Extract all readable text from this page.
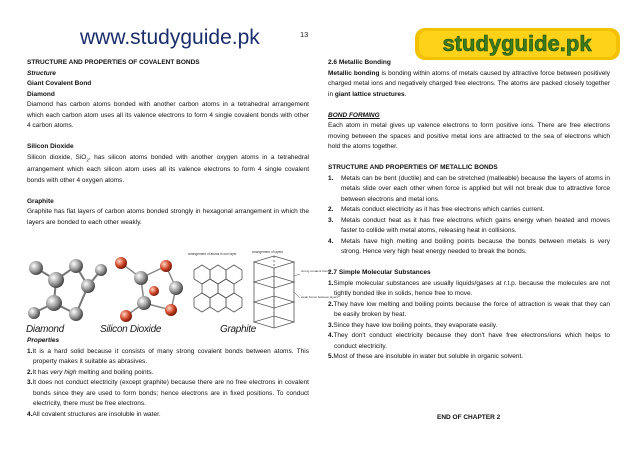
www.studyguide.pk	13	studyguide.pk

STRUCTURE AND PROPERTIES OF COVALENT BONDS

Structure

Giant Covalent Bond

Diamond

Diamond has carbon atoms bonded with another carbon atoms in a tetrahedral arrangement which each carbon atom uses all its valence electrons to form 4 single covalent bonds with other 4 carbon atoms.

Silicon Dioxide

Silicon dioxide, SiO$_2$, has silicon atoms bonded with another oxygen atoms in a tetrahedral arrangement which each silicon atom uses all its valence electrons to form 4 single covalent bonds with other 4 oxygen atoms.

Graphite

Graphite has flat layers of carbon atoms bonded strongly in hexagonal arrangement in which the layers are bonded to each other weakly.

arrangement of atoms in one layer	arrangement of layers
strong covalent bonds
weak forces between layers
Diamond	Silicon Dioxide	Graphite

Properties

1.It is a hard solid because it consists of many strong covalent bonds between atoms. This property makes it suitable as abrasives.

2.It has very high melting and boiling points.

3.It does not conduct electricity (except graphite) because there are no free electrons in covalent bonds since they are used to form bonds; hence electrons are in fixed positions. To conduct electricity, there must be free electrons.

4.All covalent structures are insoluble in water.

2.6 Metallic Bonding

Metallic bonding is bonding within atoms of metals caused by attractive force between positively charged metal ions and negatively charged free electrons. The atoms are packed closely together in giant lattice structures.

BOND FORMING

Each atom in metal gives up valence electrons to form positive ions. There are free electrons moving between the spaces and positive metal ions are attracted to the sea of electrons which hold the atoms together.

STRUCTURE AND PROPERTIES OF METALLIC BONDS

1.	Metals can be bent (ductile) and can be stretched (malleable) because the layers of atoms in metals slide over each other when force is applied but will not break due to attractive force between electrons and metal ions.
2.	Metals conduct electricity as it has free electrons which carries current.
3.	Metals conduct heat as it has free electrons which gains energy when heated and moves faster to collide with metal atoms, releasing heat in collisions.
4.	Metals have high melting and boiling points because the bonds between metals is very strong. Hence very high heat energy needed to break the bonds.

2.7 Simple Molecular Substances

1.Simple molecular substances are usually liquids/gases at r.t.p. because the molecules are not tightly bonded like in solids, hence free to move.

2.They have low melting and boiling points because the force of attraction is weak that they can be easily broken by heat.

3.Since they have low boiling points, they evaporate easily.

4.They don't conduct electricity because they don't have free electrons/ions which helps to conduct electricity.

5.Most of these are insoluble in water but soluble in organic solvent.

END OF CHAPTER 2
